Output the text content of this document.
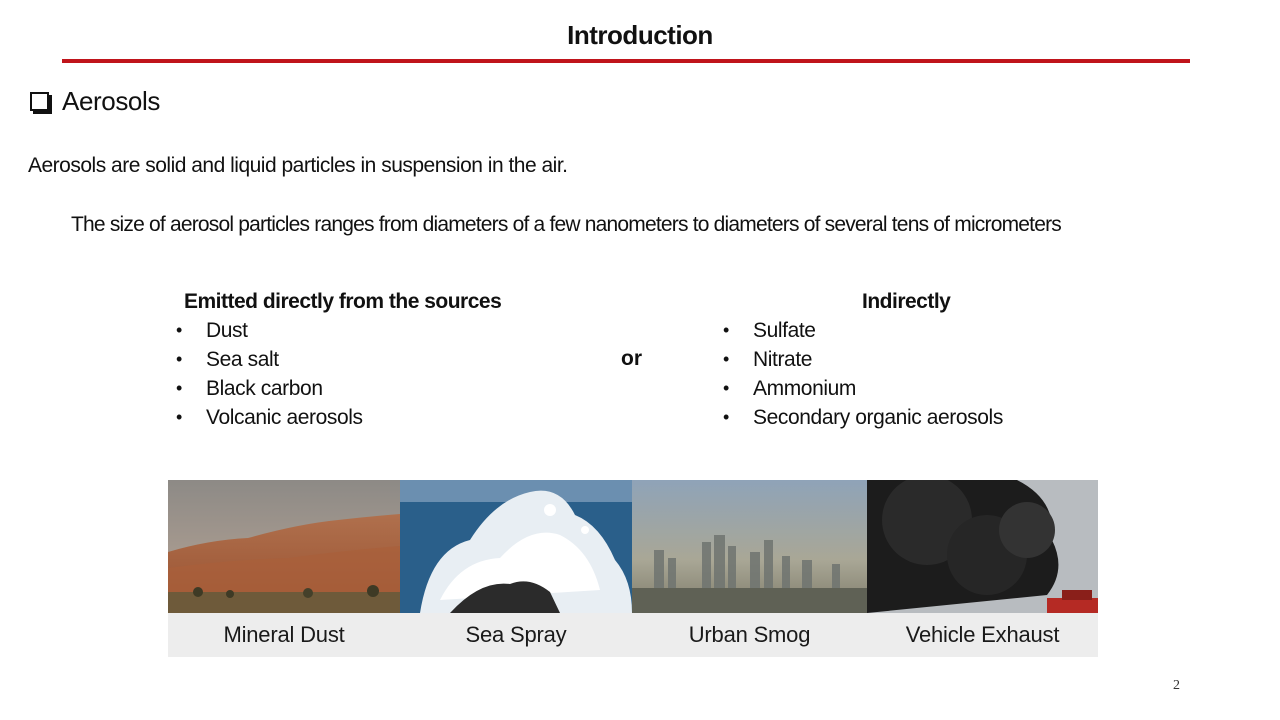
Introduction
Aerosols
Aerosols are solid and liquid particles in suspension in the air.
The size of aerosol particles ranges from diameters of a few nanometers to diameters of several tens of micrometers
Emitted directly from the sources
• Dust
• Sea salt
• Black carbon
• Volcanic aerosols
or
Indirectly
• Sulfate
• Nitrate
• Ammonium
• Secondary organic aerosols
Mineral Dust	Sea Spray	Urban Smog	Vehicle Exhaust
2
